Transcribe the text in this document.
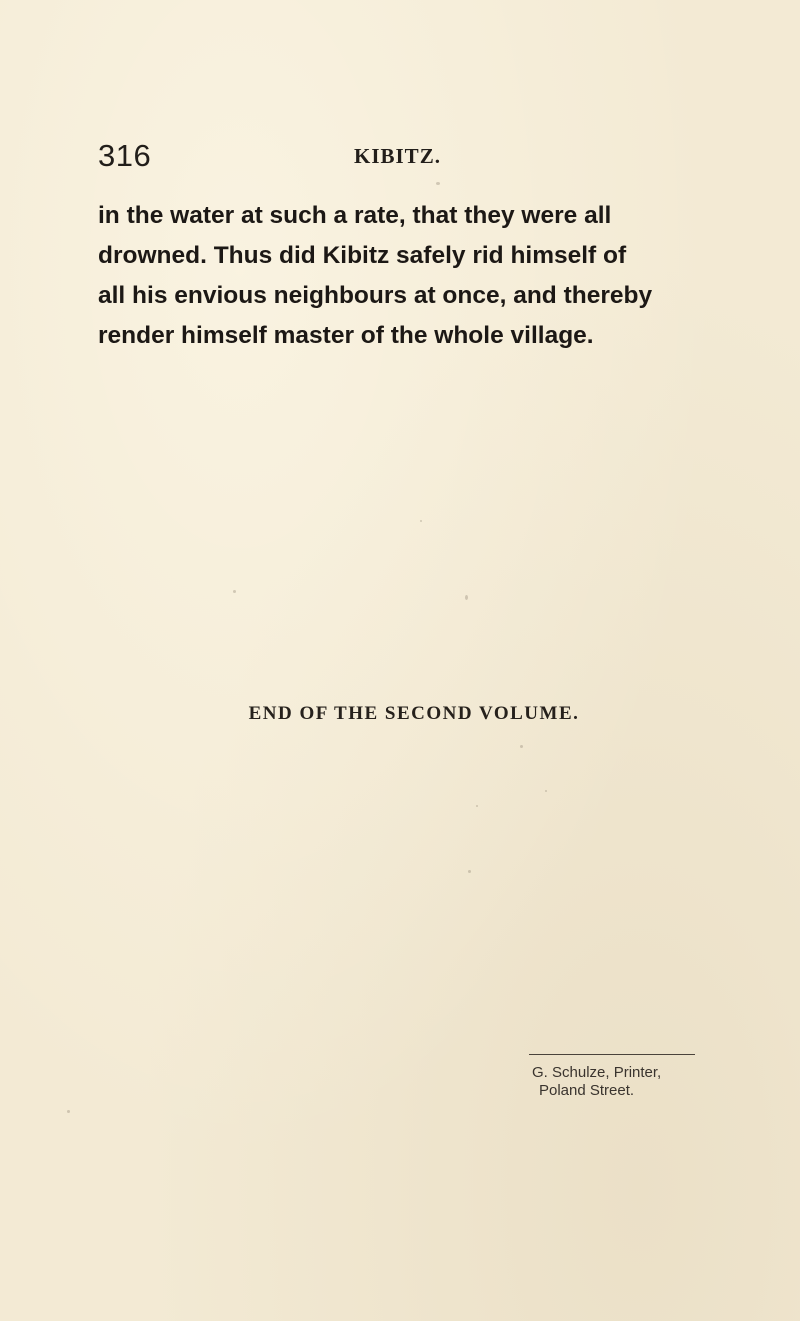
316	KIBITZ.
in the water at such a rate, that they were all
drowned. Thus did Kibitz safely rid himself of
all his envious neighbours at once, and thereby
render himself master of the whole village.
END OF THE SECOND VOLUME.
G. Schulze, Printer,
Poland Street.
